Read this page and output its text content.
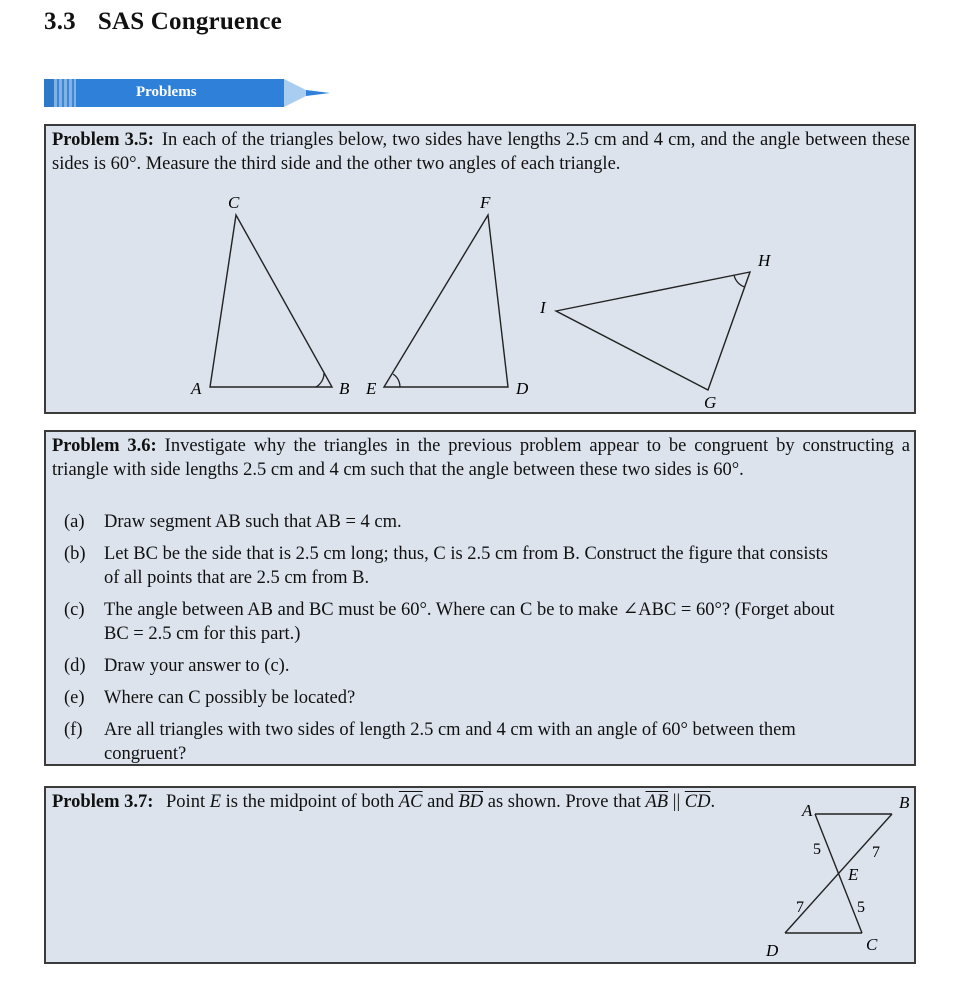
3.3 SAS Congruence
Problems
Problem 3.5: In each of the triangles below, two sides have lengths 2.5 cm and 4 cm, and the angle between these sides is 60°. Measure the third side and the other two angles of each triangle.
A	B
C
E	D
F
H
I
G
Problem 3.6: Investigate why the triangles in the previous problem appear to be congruent by constructing a triangle with side lengths 2.5 cm and 4 cm such that the angle between these two sides is 60°.
(a) Draw segment AB such that AB = 4 cm.
(b) Let BC be the side that is 2.5 cm long; thus, C is 2.5 cm from B. Construct the figure that consists
of all points that are 2.5 cm from B.
(c) The angle between AB and BC must be 60°. Where can C be to make ∠ABC = 60°? (Forget about
BC = 2.5 cm for this part.)
(d) Draw your answer to (c).
(e) Where can C possibly be located?
(f) Are all triangles with two sides of length 2.5 cm and 4 cm with an angle of 60° between them
congruent?
Problem 3.7: Point E is the midpoint of both $\overline{AC}$ and $\overline{BD}$ as shown. Prove that $\overline{AB}$ || $\overline{CD}$.	A	B
C
D
E
5	7
7	5
